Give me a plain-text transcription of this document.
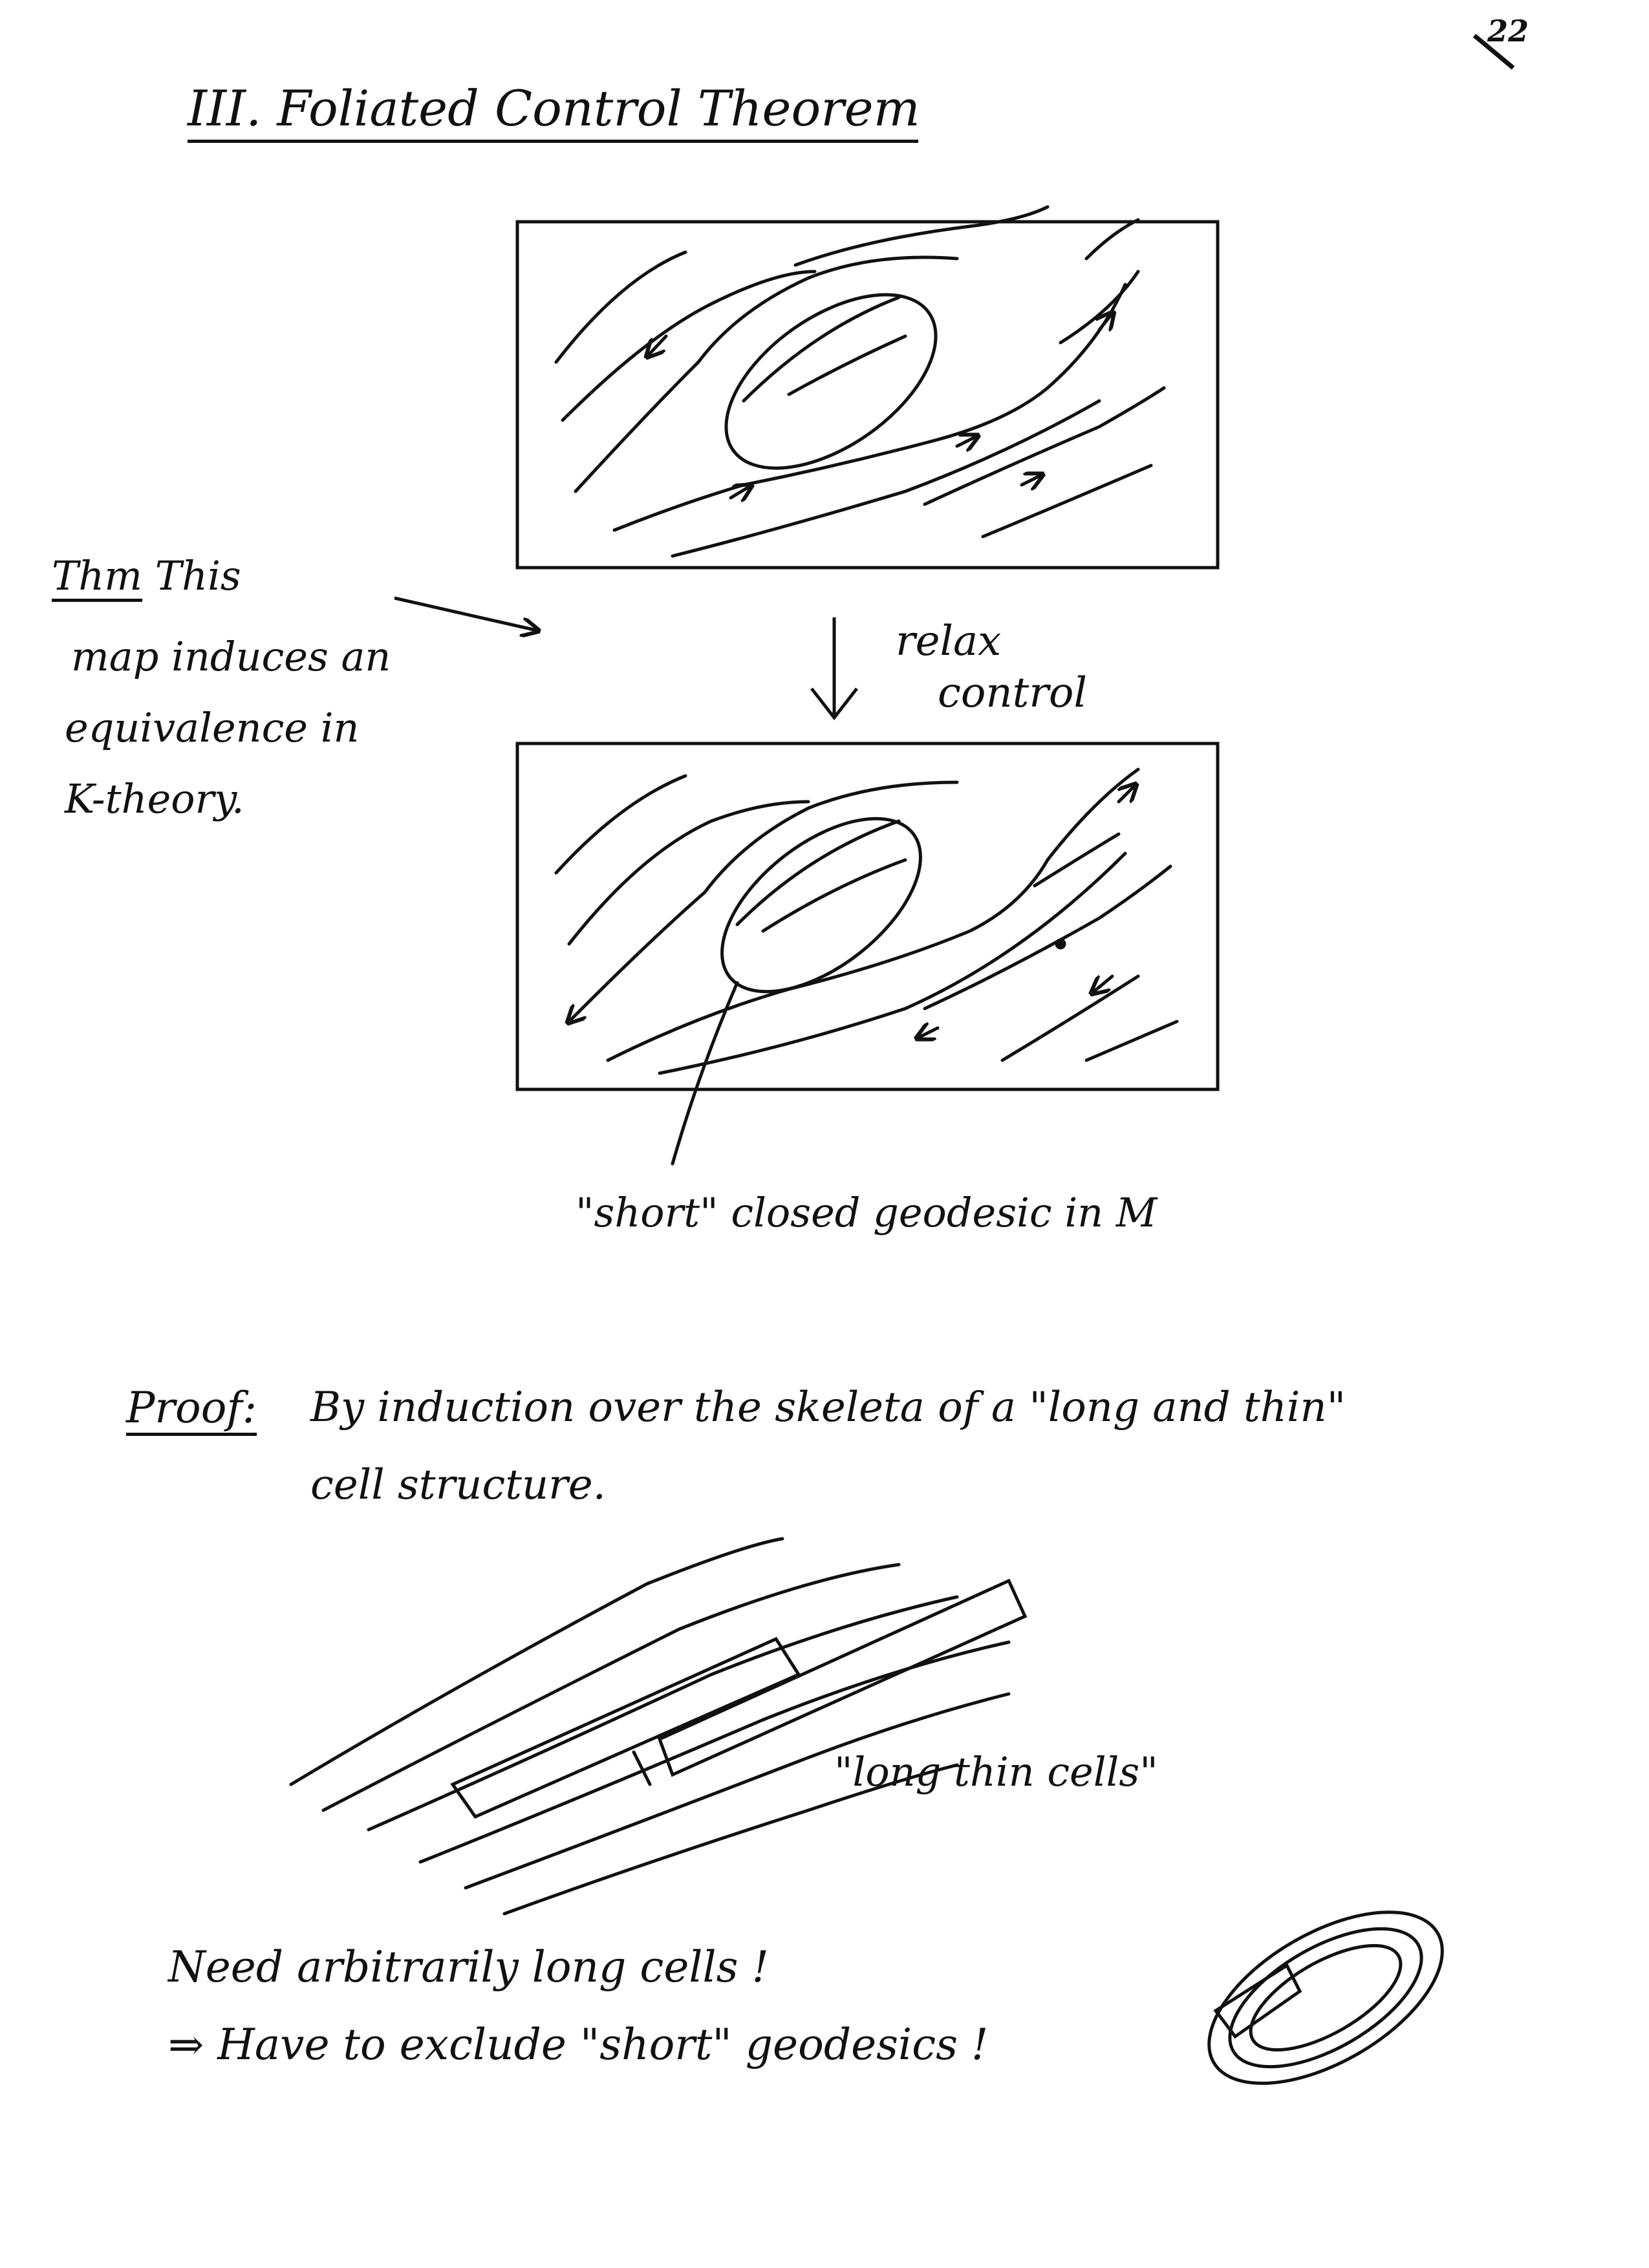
22
III. Foliated Control Theorem
Thm This
map induces an
equivalence in
K-theory.
relax
control
"short" closed geodesic in M
Proof: By induction over the skeleta of a "long and thin"
cell structure.
"long thin cells"
Need arbitrarily long cells !
⇒ Have to exclude "short" geodesics !
